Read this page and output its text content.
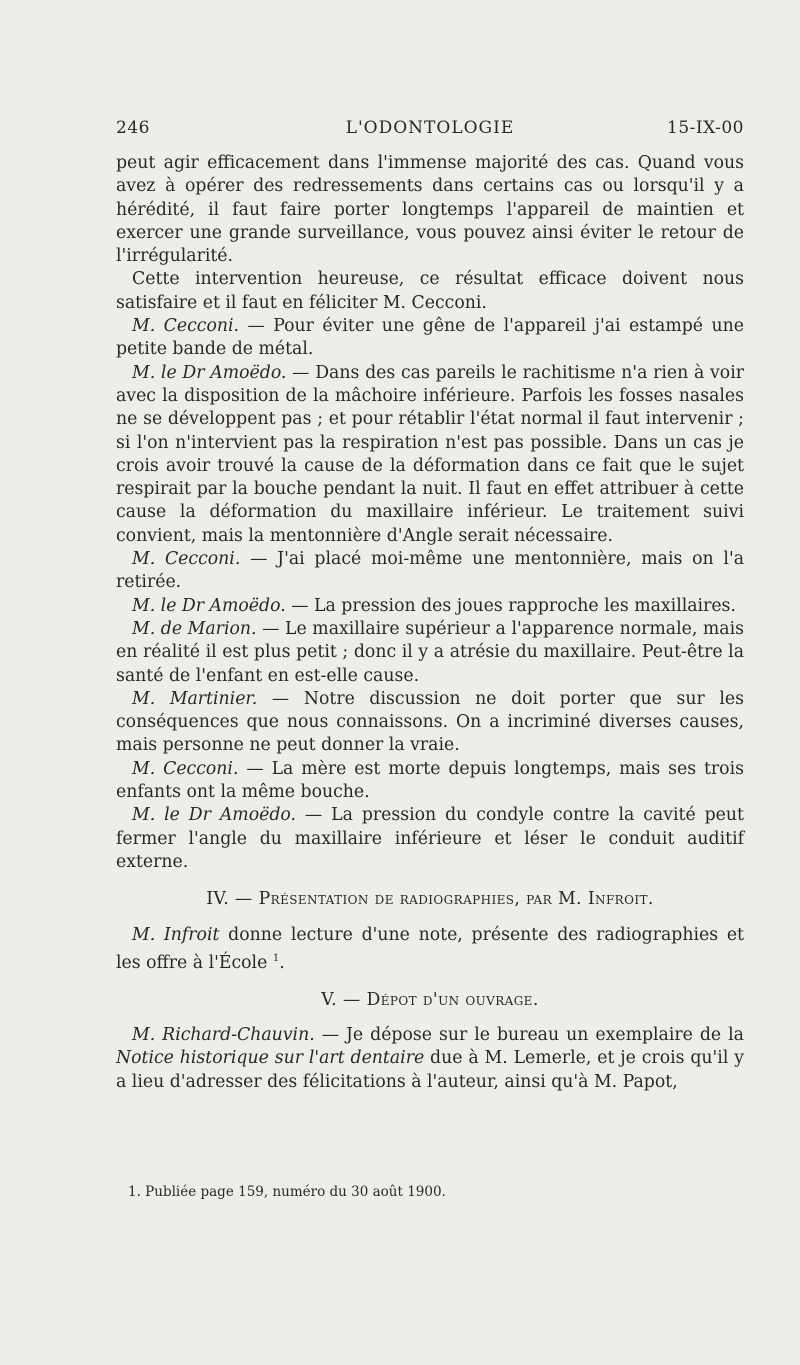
246	L'ODONTOLOGIE	15-IX-00

peut agir efficacement dans l'immense majorité des cas. Quand vous avez à opérer des redressements dans certains cas ou lorsqu'il y a hérédité, il faut faire porter longtemps l'appareil de maintien et exercer une grande surveillance, vous pouvez ainsi éviter le retour de l'irrégularité.

Cette intervention heureuse, ce résultat efficace doivent nous satisfaire et il faut en féliciter M. Cecconi.

M. Cecconi. — Pour éviter une gêne de l'appareil j'ai estampé une petite bande de métal.

M. le Dr Amoëdo. — Dans des cas pareils le rachitisme n'a rien à voir avec la disposition de la mâchoire inférieure. Parfois les fosses nasales ne se développent pas ; et pour rétablir l'état normal il faut intervenir ; si l'on n'intervient pas la respiration n'est pas possible. Dans un cas je crois avoir trouvé la cause de la déformation dans ce fait que le sujet respirait par la bouche pendant la nuit. Il faut en effet attribuer à cette cause la déformation du maxillaire inférieur. Le traitement suivi convient, mais la mentonnière d'Angle serait nécessaire.

M. Cecconi. — J'ai placé moi-même une mentonnière, mais on l'a retirée.

M. le Dr Amoëdo. — La pression des joues rapproche les maxillaires.

M. de Marion. — Le maxillaire supérieur a l'apparence normale, mais en réalité il est plus petit ; donc il y a atrésie du maxillaire. Peut-être la santé de l'enfant en est-elle cause.

M. Martinier. — Notre discussion ne doit porter que sur les conséquences que nous connaissons. On a incriminé diverses causes, mais personne ne peut donner la vraie.

M. Cecconi. — La mère est morte depuis longtemps, mais ses trois enfants ont la même bouche.

M. le Dr Amoëdo. — La pression du condyle contre la cavité peut fermer l'angle du maxillaire inférieure et léser le conduit auditif externe.

IV. — Présentation de radiographies, par M. Infroit.

M. Infroit donne lecture d'une note, présente des radiographies et les offre à l'École $^1$.

V. — Dépot d'un ouvrage.

M. Richard-Chauvin. — Je dépose sur le bureau un exemplaire de la Notice historique sur l'art dentaire due à M. Lemerle, et je crois qu'il y a lieu d'adresser des félicitations à l'auteur, ainsi qu'à M. Papot,

1. Publiée page 159, numéro du 30 août 1900.
